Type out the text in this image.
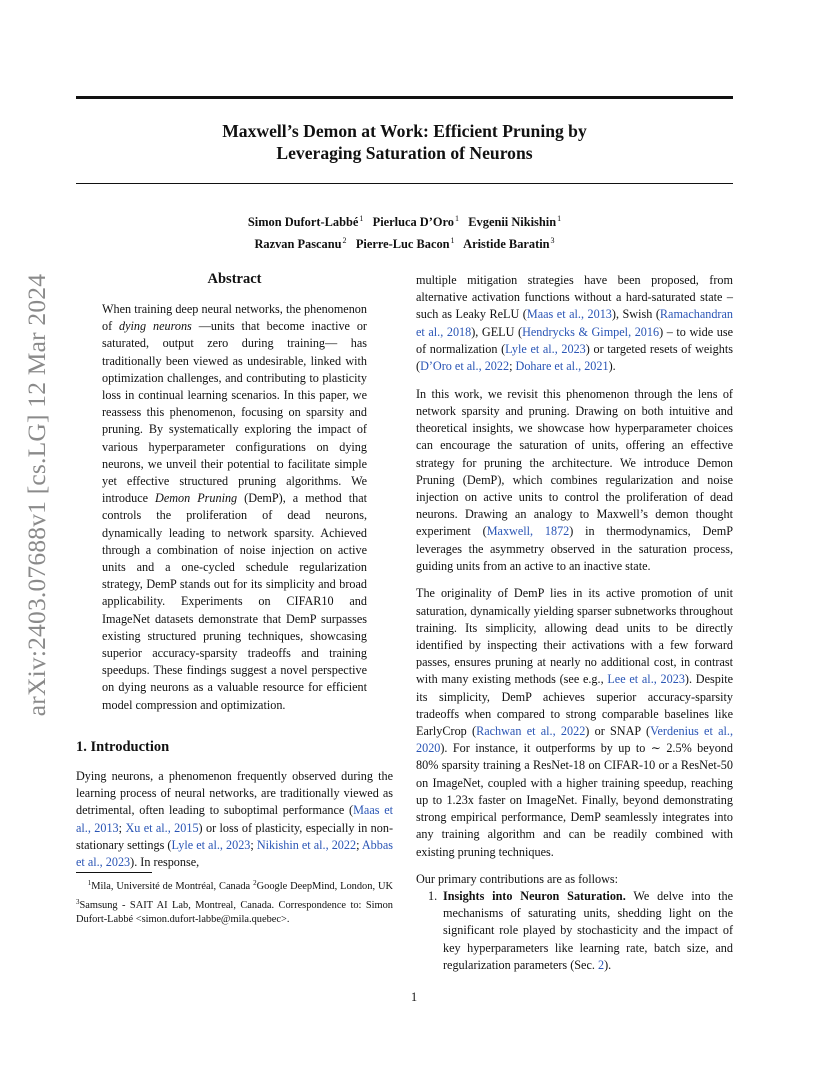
Maxwell’s Demon at Work: Efficient Pruning by
Leveraging Saturation of Neurons
Simon Dufort-Labbé$^1$ Pierluca D’Oro$^1$ Evgenii Nikishin$^1$
Razvan Pascanu$^2$ Pierre-Luc Bacon$^1$ Aristide Baratin$^3$
arXiv:2403.07688v1 [cs.LG] 12 Mar 2024	Abstract
When training deep neural networks, the phenomenon of dying neurons —units that become inactive or saturated, output zero during training— has traditionally been viewed as undesirable, linked with optimization challenges, and contributing to plasticity loss in continual learning scenarios. In this paper, we reassess this phenomenon, focusing on sparsity and pruning. By systematically exploring the impact of various hyperparameter configurations on dying neurons, we unveil their potential to facilitate simple yet effective structured pruning algorithms. We introduce Demon Pruning (DemP), a method that controls the proliferation of dead neurons, dynamically leading to network sparsity. Achieved through a combination of noise injection on active units and a one-cycled schedule regularization strategy, DemP stands out for its simplicity and broad applicability. Experiments on CIFAR10 and ImageNet datasets demonstrate that DemP surpasses existing structured pruning techniques, showcasing superior accuracy-sparsity tradeoffs and training speedups. These findings suggest a novel perspective on dying neurons as a valuable resource for efficient model compression and optimization.
1. Introduction
Dying neurons, a phenomenon frequently observed during the learning process of neural networks, are traditionally viewed as detrimental, often leading to suboptimal performance (Maas et al., 2013; Xu et al., 2015) or loss of plasticity, especially in non-stationary settings (Lyle et al., 2023; Nikishin et al., 2022; Abbas et al., 2023). In response,
$^1$Mila, Université de Montréal, Canada $^2$Google DeepMind, London, UK $^3$Samsung - SAIT AI Lab, Montreal, Canada. Correspondence to: Simon Dufort-Labbé <simon.dufort-labbe@mila.quebec>.

multiple mitigation strategies have been proposed, from alternative activation functions without a hard-saturated state – such as Leaky ReLU (Maas et al., 2013), Swish (Ramachandran et al., 2018), GELU (Hendrycks & Gimpel, 2016) – to wide use of normalization (Lyle et al., 2023) or targeted resets of weights (D’Oro et al., 2022; Dohare et al., 2021).

In this work, we revisit this phenomenon through the lens of network sparsity and pruning. Drawing on both intuitive and theoretical insights, we showcase how hyperparameter choices can encourage the saturation of units, offering an effective strategy for pruning the architecture. We introduce Demon Pruning (DemP), which combines regularization and noise injection on active units to control the proliferation of dead neurons. Drawing an analogy to Maxwell’s demon thought experiment (Maxwell, 1872) in thermodynamics, DemP leverages the asymmetry observed in the saturation process, guiding units from an active to an inactive state.

The originality of DemP lies in its active promotion of unit saturation, dynamically yielding sparser subnetworks throughout training. Its simplicity, allowing dead units to be directly identified by inspecting their activations with a few forward passes, ensures pruning at nearly no additional cost, in contrast with many existing methods (see e.g., Lee et al., 2023). Despite its simplicity, DemP achieves superior accuracy-sparsity tradeoffs when compared to strong comparable baselines like EarlyCrop (Rachwan et al., 2022) or SNAP (Verdenius et al., 2020). For instance, it outperforms by up to ∼ 2.5% beyond 80% sparsity training a ResNet-18 on CIFAR-10 or a ResNet-50 on ImageNet, coupled with a higher training speedup, reaching up to 1.23x faster on ImageNet. Finally, beyond demonstrating strong empirical performance, DemP seamlessly integrates into any training algorithm and can be readily combined with existing pruning techniques.

Our primary contributions are as follows:

1. Insights into Neuron Saturation. We delve into the mechanisms of saturating units, shedding light on the significant role played by stochasticity and the impact of key hyperparameters like learning rate, batch size, and regularization parameters (Sec. 2).
1
